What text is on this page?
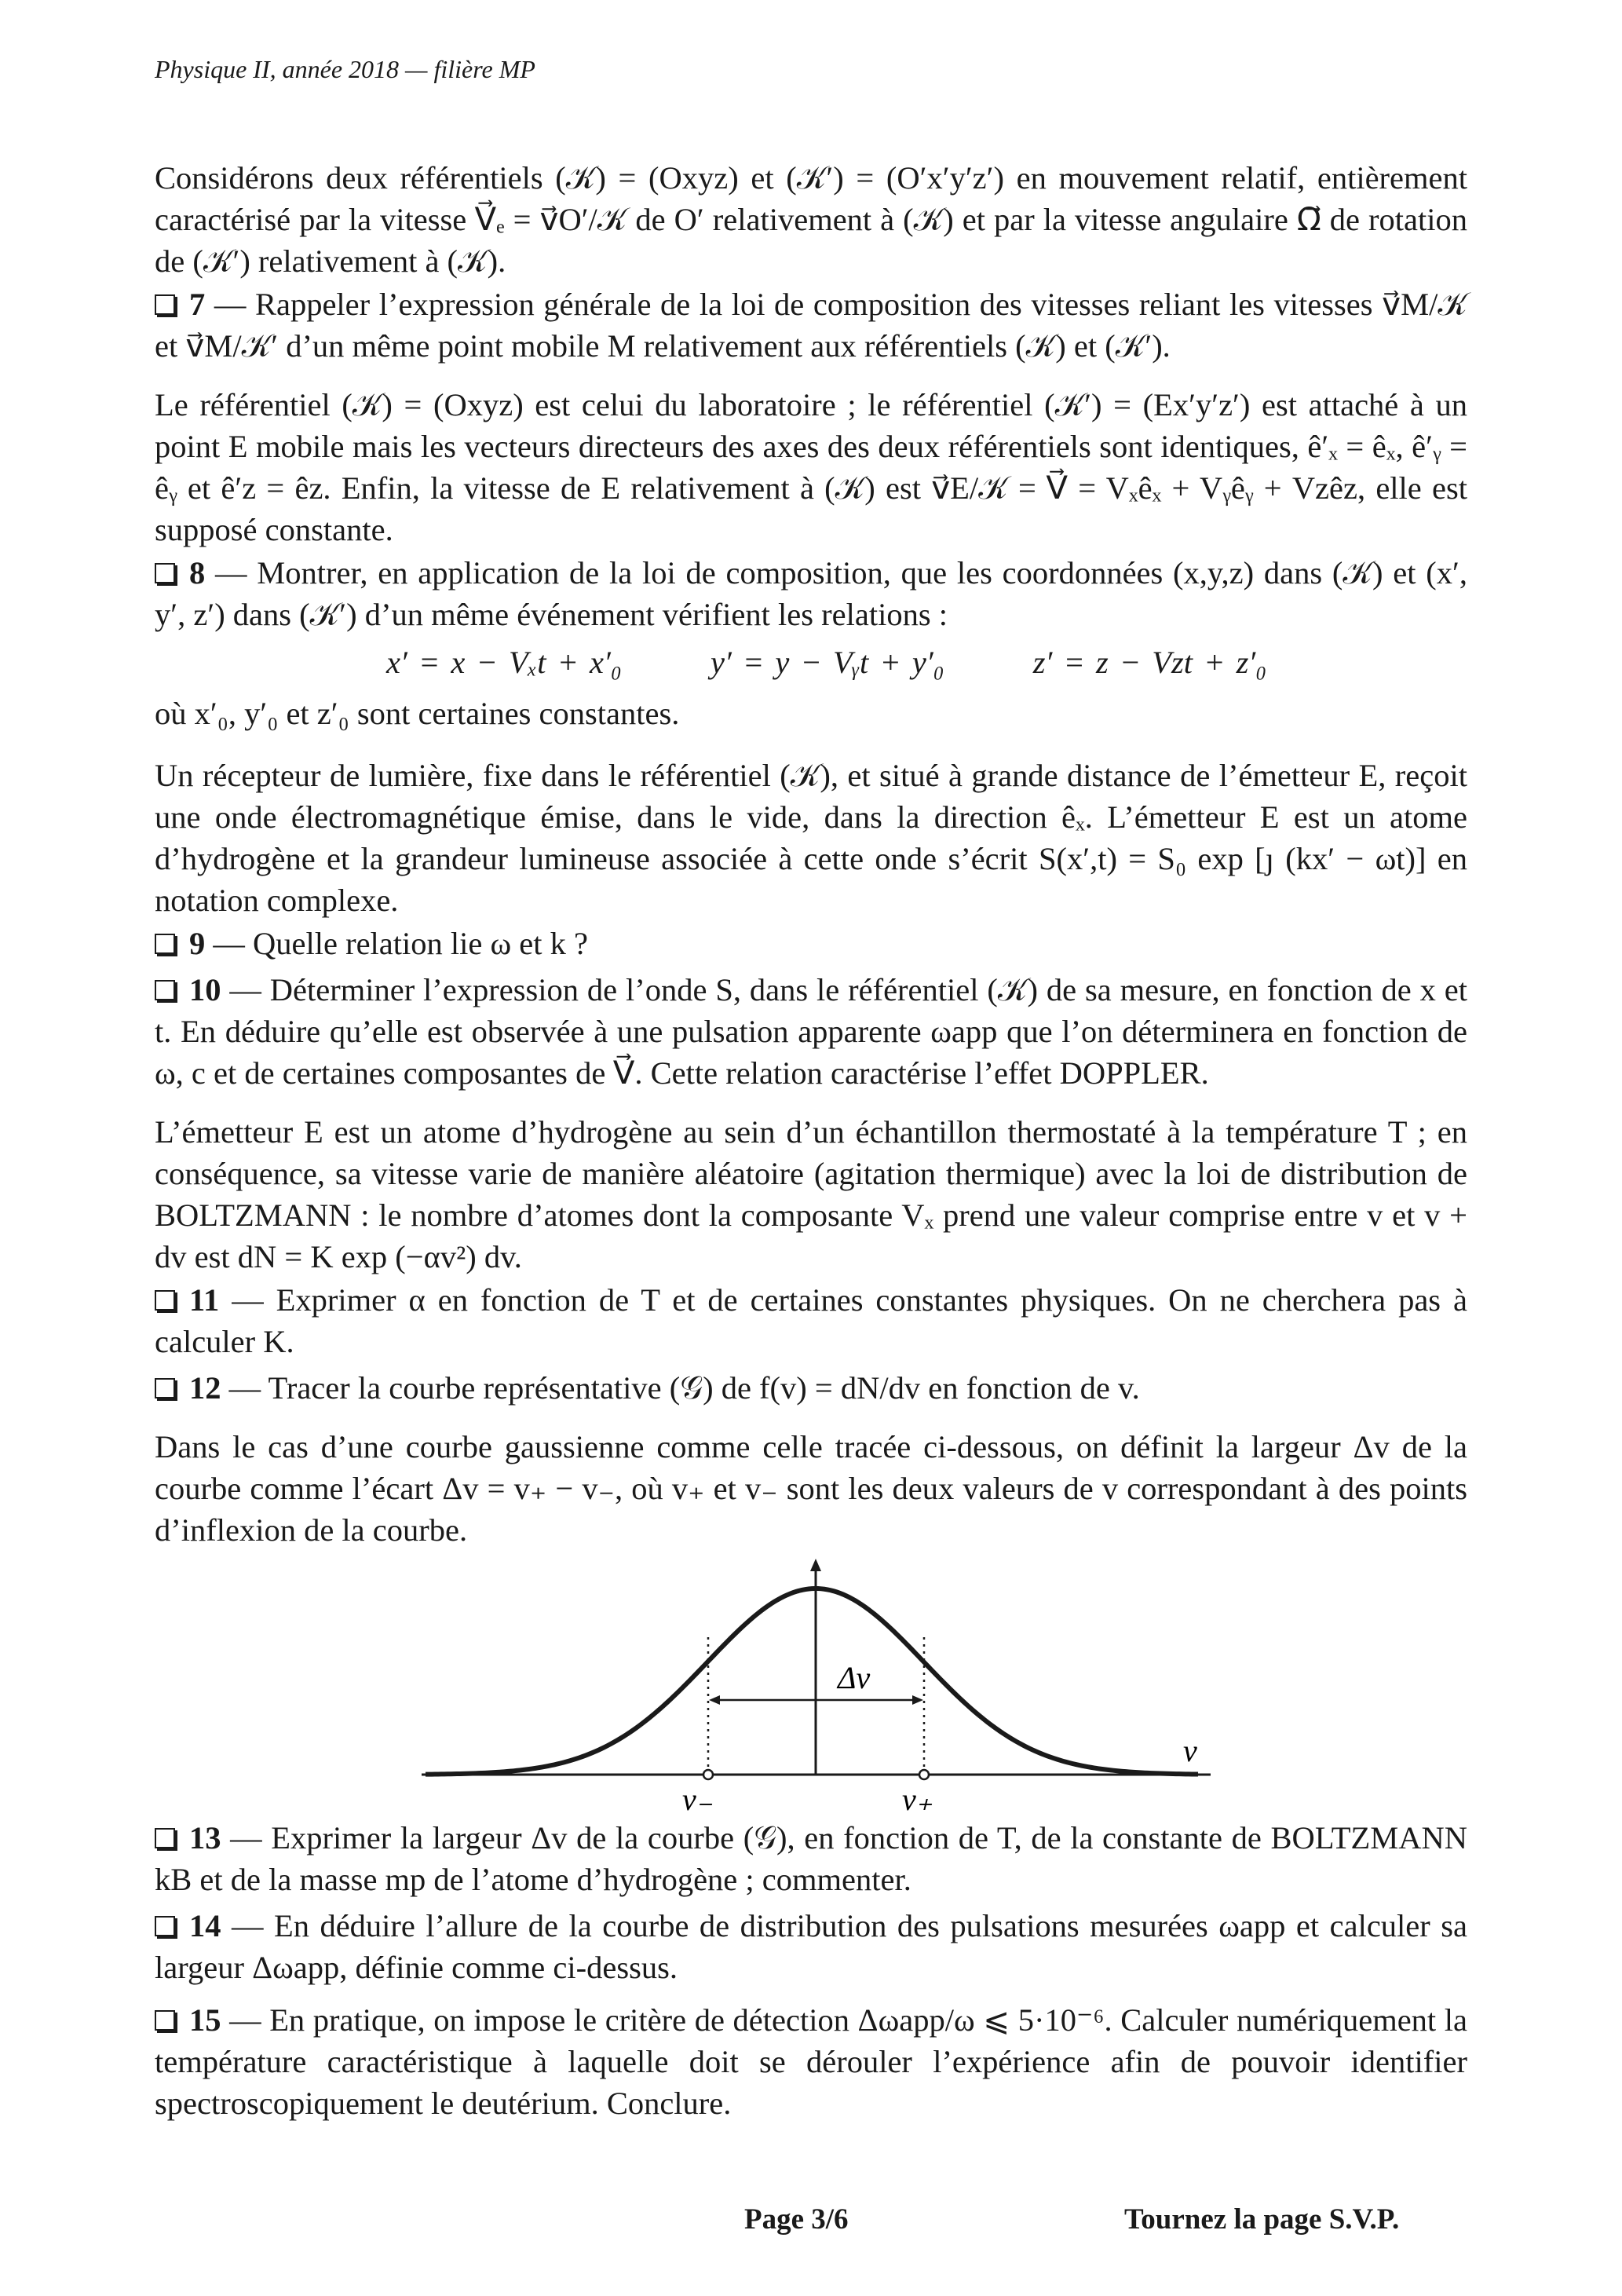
Physique II, année 2018 — filière MP

Considérons deux référentiels (𝒦) = (Oxyz) et (𝒦′) = (O′x′y′z′) en mouvement relatif, entièrement caractérisé par la vitesse V⃗ₑ = v⃗O′/𝒦 de O′ relativement à (𝒦) et par la vitesse angulaire Ω⃗ de rotation de (𝒦′) relativement à (𝒦).

7 — Rappeler l’expression générale de la loi de composition des vitesses reliant les vitesses v⃗M/𝒦 et v⃗M/𝒦′ d’un même point mobile M relativement aux référentiels (𝒦) et (𝒦′).

Le référentiel (𝒦) = (Oxyz) est celui du laboratoire ; le référentiel (𝒦′) = (Ex′y′z′) est attaché à un point E mobile mais les vecteurs directeurs des axes des deux référentiels sont identiques, ê′ₓ = êₓ, ê′ᵧ = êᵧ et ê′z = êz. Enfin, la vitesse de E relativement à (𝒦) est v⃗E/𝒦 = V⃗ = Vₓêₓ + Vᵧêᵧ + Vzêz, elle est supposé constante.

8 — Montrer, en application de la loi de composition, que les coordonnées (x,y,z) dans (𝒦) et (x′, y′, z′) dans (𝒦′) d’un même événement vérifient les relations :

x′ = x − Vₓt + x′₀	y′ = y − Vᵧt + y′₀	z′ = z − Vzt + z′₀

où x′₀, y′₀ et z′₀ sont certaines constantes.

Un récepteur de lumière, fixe dans le référentiel (𝒦), et situé à grande distance de l’émetteur E, reçoit une onde électromagnétique émise, dans le vide, dans la direction êₓ. L’émetteur E est un atome d’hydrogène et la grandeur lumineuse associée à cette onde s’écrit S(x′,t) = S₀ exp [ȷ (kx′ − ωt)] en notation complexe.

9 — Quelle relation lie ω et k ?

10 — Déterminer l’expression de l’onde S, dans le référentiel (𝒦) de sa mesure, en fonction de x et t. En déduire qu’elle est observée à une pulsation apparente ωapp que l’on déterminera en fonction de ω, c et de certaines composantes de V⃗. Cette relation caractérise l’effet DOPPLER.

L’émetteur E est un atome d’hydrogène au sein d’un échantillon thermostaté à la température T ; en conséquence, sa vitesse varie de manière aléatoire (agitation thermique) avec la loi de distribution de BOLTZMANN : le nombre d’atomes dont la composante Vₓ prend une valeur comprise entre v et v + dv est dN = K exp (−αv²) dv.

11 — Exprimer α en fonction de T et de certaines constantes physiques. On ne cherchera pas à calculer K.

12 — Tracer la courbe représentative (𝒢) de f(v) = dN/dv en fonction de v.

Dans le cas d’une courbe gaussienne comme celle tracée ci-dessous, on définit la largeur Δv de la courbe comme l’écart Δv = v₊ − v₋, où v₊ et v₋ sont les deux valeurs de v correspondant à des points d’inflexion de la courbe.

v
Δv
v₋	v₊

13 — Exprimer la largeur Δv de la courbe (𝒢), en fonction de T, de la constante de BOLTZMANN kB et de la masse mp de l’atome d’hydrogène ; commenter.

14 — En déduire l’allure de la courbe de distribution des pulsations mesurées ωapp et calculer sa largeur Δωapp, définie comme ci-dessus.

15 — En pratique, on impose le critère de détection Δωapp/ω ⩽ 5·10⁻⁶. Calculer numériquement la température caractéristique à laquelle doit se dérouler l’expérience afin de pouvoir identifier spectroscopiquement le deutérium. Conclure.

Page 3/6	Tournez la page S.V.P.
